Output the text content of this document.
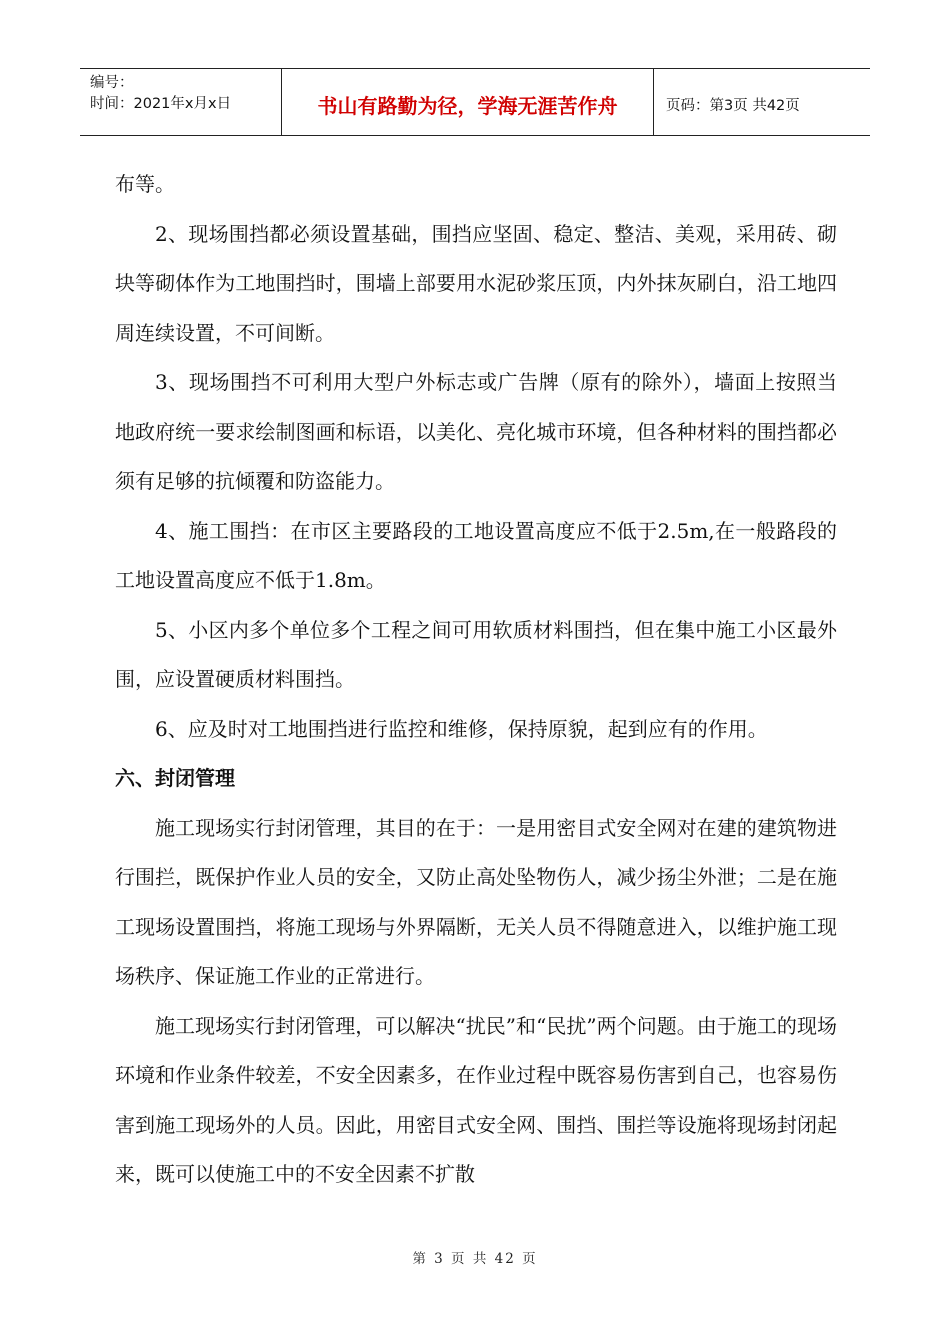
编号：
时间：2021年x月x日	书山有路勤为径，学海无涯苦作舟	页码：第3页 共42页

布等。

2、现场围挡都必须设置基础，围挡应坚固、稳定、整洁、美观，采用砖、砌块等砌体作为工地围挡时，围墙上部要用水泥砂浆压顶，内外抹灰刷白，沿工地四周连续设置，不可间断。

3、现场围挡不可利用大型户外标志或广告牌（原有的除外），墙面上按照当地政府统一要求绘制图画和标语，以美化、亮化城市环境，但各种材料的围挡都必须有足够的抗倾覆和防盗能力。

4、施工围挡：在市区主要路段的工地设置高度应不低于2.5m,在一般路段的工地设置高度应不低于1.8m。

5、小区内多个单位多个工程之间可用软质材料围挡，但在集中施工小区最外围，应设置硬质材料围挡。

6、应及时对工地围挡进行监控和维修，保持原貌，起到应有的作用。

六、封闭管理

施工现场实行封闭管理，其目的在于：一是用密目式安全网对在建的建筑物进行围拦，既保护作业人员的安全，又防止高处坠物伤人，减少扬尘外泄；二是在施工现场设置围挡，将施工现场与外界隔断，无关人员不得随意进入，以维护施工现场秩序、保证施工作业的正常进行。

施工现场实行封闭管理，可以解决“扰民”和“民扰”两个问题。由于施工的现场环境和作业条件较差，不安全因素多，在作业过程中既容易伤害到自己，也容易伤害到施工现场外的人员。因此，用密目式安全网、围挡、围拦等设施将现场封闭起来，既可以使施工中的不安全因素不扩散

第 3 页 共 42 页
